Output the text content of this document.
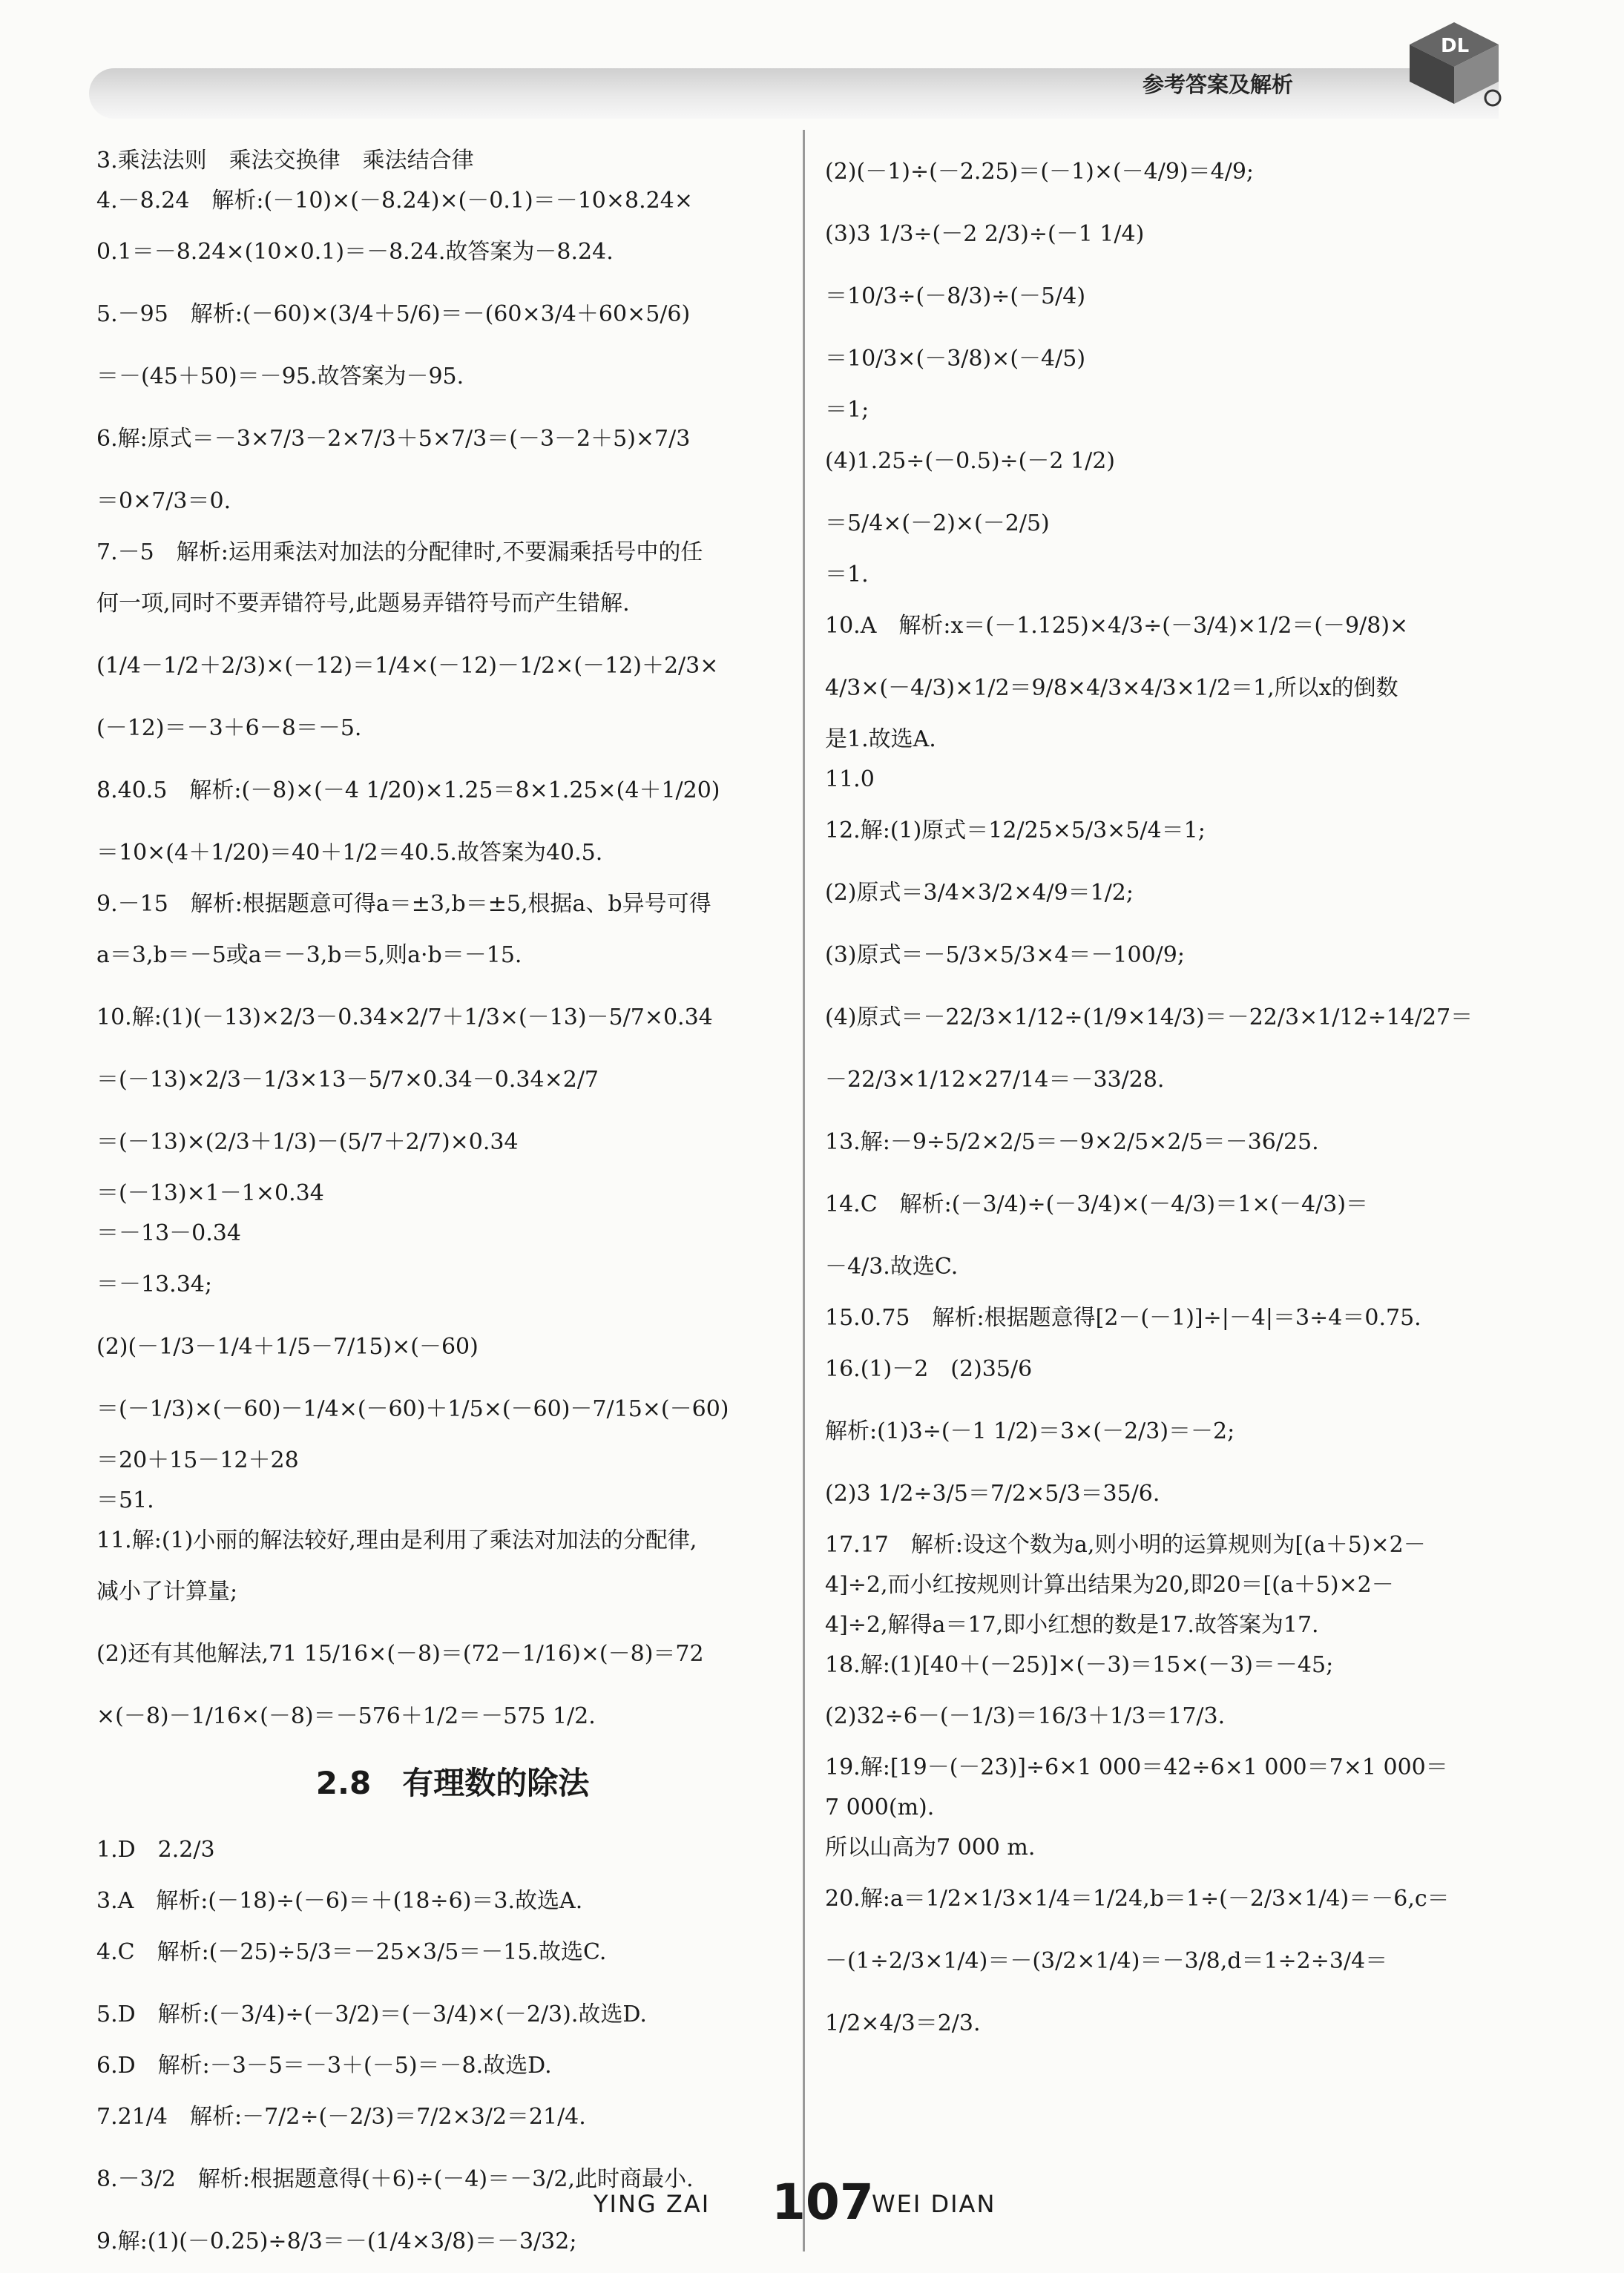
参考答案及解析
DL
3.乘法法则　乘法交换律　乘法结合律
4.－8.24　解析:(－10)×(－8.24)×(－0.1)＝－10×8.24×
0.1＝－8.24×(10×0.1)＝－8.24.故答案为－8.24.
5.－95　解析:(－60)×(3/4＋5/6)＝－(60×3/4＋60×5/6)
＝－(45＋50)＝－95.故答案为－95.
6.解:原式＝－3×7/3－2×7/3＋5×7/3＝(－3－2＋5)×7/3
＝0×7/3＝0.
7.－5　解析:运用乘法对加法的分配律时,不要漏乘括号中的任
何一项,同时不要弄错符号,此题易弄错符号而产生错解.
(1/4－1/2＋2/3)×(－12)＝1/4×(－12)－1/2×(－12)＋2/3×
(－12)＝－3＋6－8＝－5.
8.40.5　解析:(－8)×(－4 1/20)×1.25＝8×1.25×(4＋1/20)
＝10×(4＋1/20)＝40＋1/2＝40.5.故答案为40.5.
9.－15　解析:根据题意可得a＝±3,b＝±5,根据a、b异号可得
a＝3,b＝－5或a＝－3,b＝5,则a·b＝－15.
10.解:(1)(－13)×2/3－0.34×2/7＋1/3×(－13)－5/7×0.34
＝(－13)×2/3－1/3×13－5/7×0.34－0.34×2/7
＝(－13)×(2/3＋1/3)－(5/7＋2/7)×0.34
＝(－13)×1－1×0.34
＝－13－0.34
＝－13.34;
(2)(－1/3－1/4＋1/5－7/15)×(－60)
＝(－1/3)×(－60)－1/4×(－60)＋1/5×(－60)－7/15×(－60)
＝20＋15－12＋28
＝51.
11.解:(1)小丽的解法较好,理由是利用了乘法对加法的分配律,
减小了计算量;
(2)还有其他解法,71 15/16×(－8)＝(72－1/16)×(－8)＝72
×(－8)－1/16×(－8)＝－576＋1/2＝－575 1/2.
2.8　有理数的除法
1.D　2.2/3
3.A　解析:(－18)÷(－6)＝＋(18÷6)＝3.故选A.
4.C　解析:(－25)÷5/3＝－25×3/5＝－15.故选C.
5.D　解析:(－3/4)÷(－3/2)＝(－3/4)×(－2/3).故选D.
6.D　解析:－3－5＝－3＋(－5)＝－8.故选D.
7.21/4　解析:－7/2÷(－2/3)＝7/2×3/2＝21/4.
8.－3/2　解析:根据题意得(＋6)÷(－4)＝－3/2,此时商最小.
9.解:(1)(－0.25)÷8/3＝－(1/4×3/8)＝－3/32;
(2)(－1)÷(－2.25)＝(－1)×(－4/9)＝4/9;
(3)3 1/3÷(－2 2/3)÷(－1 1/4)
＝10/3÷(－8/3)÷(－5/4)
＝10/3×(－3/8)×(－4/5)
＝1;
(4)1.25÷(－0.5)÷(－2 1/2)
＝5/4×(－2)×(－2/5)
＝1.
10.A　解析:x＝(－1.125)×4/3÷(－3/4)×1/2＝(－9/8)×
4/3×(－4/3)×1/2＝9/8×4/3×4/3×1/2＝1,所以x的倒数
是1.故选A.
11.0
12.解:(1)原式＝12/25×5/3×5/4＝1;
(2)原式＝3/4×3/2×4/9＝1/2;
(3)原式＝－5/3×5/3×4＝－100/9;
(4)原式＝－22/3×1/12÷(1/9×14/3)＝－22/3×1/12÷14/27＝
－22/3×1/12×27/14＝－33/28.
13.解:－9÷5/2×2/5＝－9×2/5×2/5＝－36/25.
14.C　解析:(－3/4)÷(－3/4)×(－4/3)＝1×(－4/3)＝
－4/3.故选C.
15.0.75　解析:根据题意得[2－(－1)]÷|－4|＝3÷4＝0.75.
16.(1)－2　(2)35/6
解析:(1)3÷(－1 1/2)＝3×(－2/3)＝－2;
(2)3 1/2÷3/5＝7/2×5/3＝35/6.
17.17　解析:设这个数为a,则小明的运算规则为[(a＋5)×2－
4]÷2,而小红按规则计算出结果为20,即20＝[(a＋5)×2－
4]÷2,解得a＝17,即小红想的数是17.故答案为17.
18.解:(1)[40＋(－25)]×(－3)＝15×(－3)＝－45;
(2)32÷6－(－1/3)＝16/3＋1/3＝17/3.
19.解:[19－(－23)]÷6×1 000＝42÷6×1 000＝7×1 000＝
7 000(m).
所以山高为7 000 m.
20.解:a＝1/2×1/3×1/4＝1/24,b＝1÷(－2/3×1/4)＝－6,c＝
－(1÷2/3×1/4)＝－(3/2×1/4)＝－3/8,d＝1÷2÷3/4＝
1/2×4/3＝2/3.
YING ZAI 107
WEI DIAN
